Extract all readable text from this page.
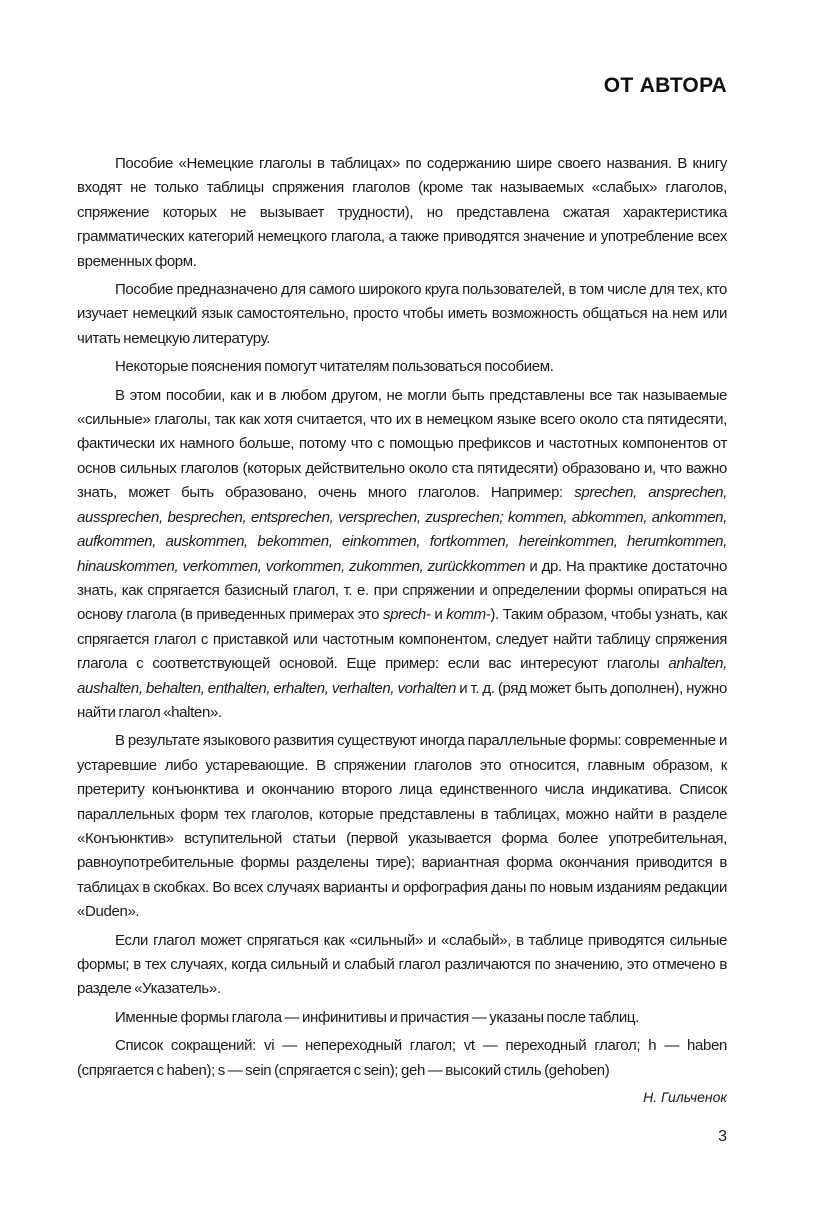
ОТ АВТОРА

Пособие «Немецкие глаголы в таблицах» по содержанию шире своего названия. В книгу входят не только таблицы спряжения глаголов (кроме так называемых «слабых» глаголов, спряжение которых не вызывает трудности), но представлена сжатая характеристика грамматических категорий немецкого глагола, а также приводятся значение и употребление всех временных форм.

Пособие предназначено для самого широкого круга пользователей, в том числе для тех, кто изучает немецкий язык самостоятельно, просто чтобы иметь возможность общаться на нем или читать немецкую литературу.

Некоторые пояснения помогут читателям пользоваться пособием.

В этом пособии, как и в любом другом, не могли быть представлены все так называемые «сильные» глаголы, так как хотя считается, что их в немецком языке всего около ста пятидесяти, фактически их намного больше, потому что с помощью префиксов и частотных компонентов от основ сильных глаголов (которых действительно около ста пятидесяти) образовано и, что важно знать, может быть образовано, очень много глаголов. Например: sprechen, ansprechen, aussprechen, besprechen, entsprechen, versprechen, zusprechen; kommen, abkommen, ankommen, aufkommen, auskommen, bekommen, einkommen, fortkommen, hereinkommen, herumkommen, hinauskommen, verkommen, vorkommen, zukommen, zurückkommen и др. На практике достаточно знать, как спрягается базисный глагол, т. е. при спряжении и определении формы опираться на основу глагола (в приведенных примерах это sprech- и komm-). Таким образом, чтобы узнать, как спрягается глагол с приставкой или частотным компонентом, следует найти таблицу спряжения глагола с соответствующей основой. Еще пример: если вас интересуют глаголы anhalten, aushalten, behalten, enthalten, erhalten, verhalten, vorhalten и т. д. (ряд может быть дополнен), нужно найти глагол «halten».

В результате языкового развития существуют иногда параллельные формы: современные и устаревшие либо устаревающие. В спряжении глаголов это относится, главным образом, к претериту конъюнктива и окончанию второго лица единственного числа индикатива. Список параллельных форм тех глаголов, которые представлены в таблицах, можно найти в разделе «Конъюнктив» вступительной статьи (первой указывается форма более употребительная, равноупотребительные формы разделены тире); вариантная форма окончания приводится в таблицах в скобках. Во всех случаях варианты и орфография даны по новым изданиям редакции «Duden».

Если глагол может спрягаться как «сильный» и «слабый», в таблице приводятся сильные формы; в тех случаях, когда сильный и слабый глагол различаются по значению, это отмечено в разделе «Указатель».

Именные формы глагола — инфинитивы и причастия — указаны после таблиц.

Список сокращений: vi — непереходный глагол; vt — переходный глагол; h — haben (спрягается с haben); s — sein (спрягается с sein); geh — высокий стиль (gehoben)

Н. Гильченок

3
